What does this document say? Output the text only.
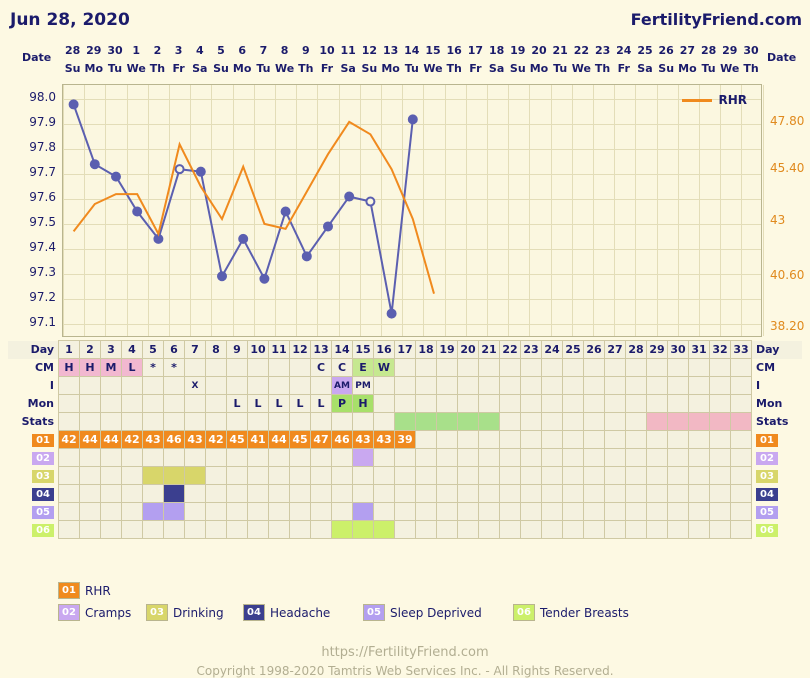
Jun 28, 2020	FertilityFriend.com
Date	Date
28 29 30 1	2	3	4	5	6	7	8	9 10 11 12 13 14 15 16 17 18 19 20 21 22 23 24 25 26 27 28 29 30
Su Mo Tu We Th Fr Sa Su Mo Tu We Th Fr Sa Su Mo Tu We Th Fr Sa Su Mo Tu We Th Fr Sa Su Mo Tu We Th
RHR
Day	1	2	3	4	5	6	7	8	9	10	11	12	13	14	15	16	17	18	19	20	21	22	23	24	25	26	27	28	29	30	31	32	33	Day
CM	H	H	M	L	*	*							C	C	E	W																		CM
I							X							AM	PM																			I
Mon									L	L	L	L	L	P	H																			Mon
Stats																																		Stats
01	42	44	44	42	43	46	43	42	45	41	44	45	47	46	43	43	39																	01
02																																		02
03																																		03
04																																		04
05																																		05
06																																		06
01 RHR
02 Cramps	03 Drinking	04 Headache	05 Sleep Deprived	06 Tender Breasts
https://FertilityFriend.com
Copyright 1998-2020 Tamtris Web Services Inc. - All Rights Reserved.
98.0
97.9
97.8
97.7
97.6
97.5
97.4
97.3
97.2
97.1
47.80
45.40
43
40.60
38.20
